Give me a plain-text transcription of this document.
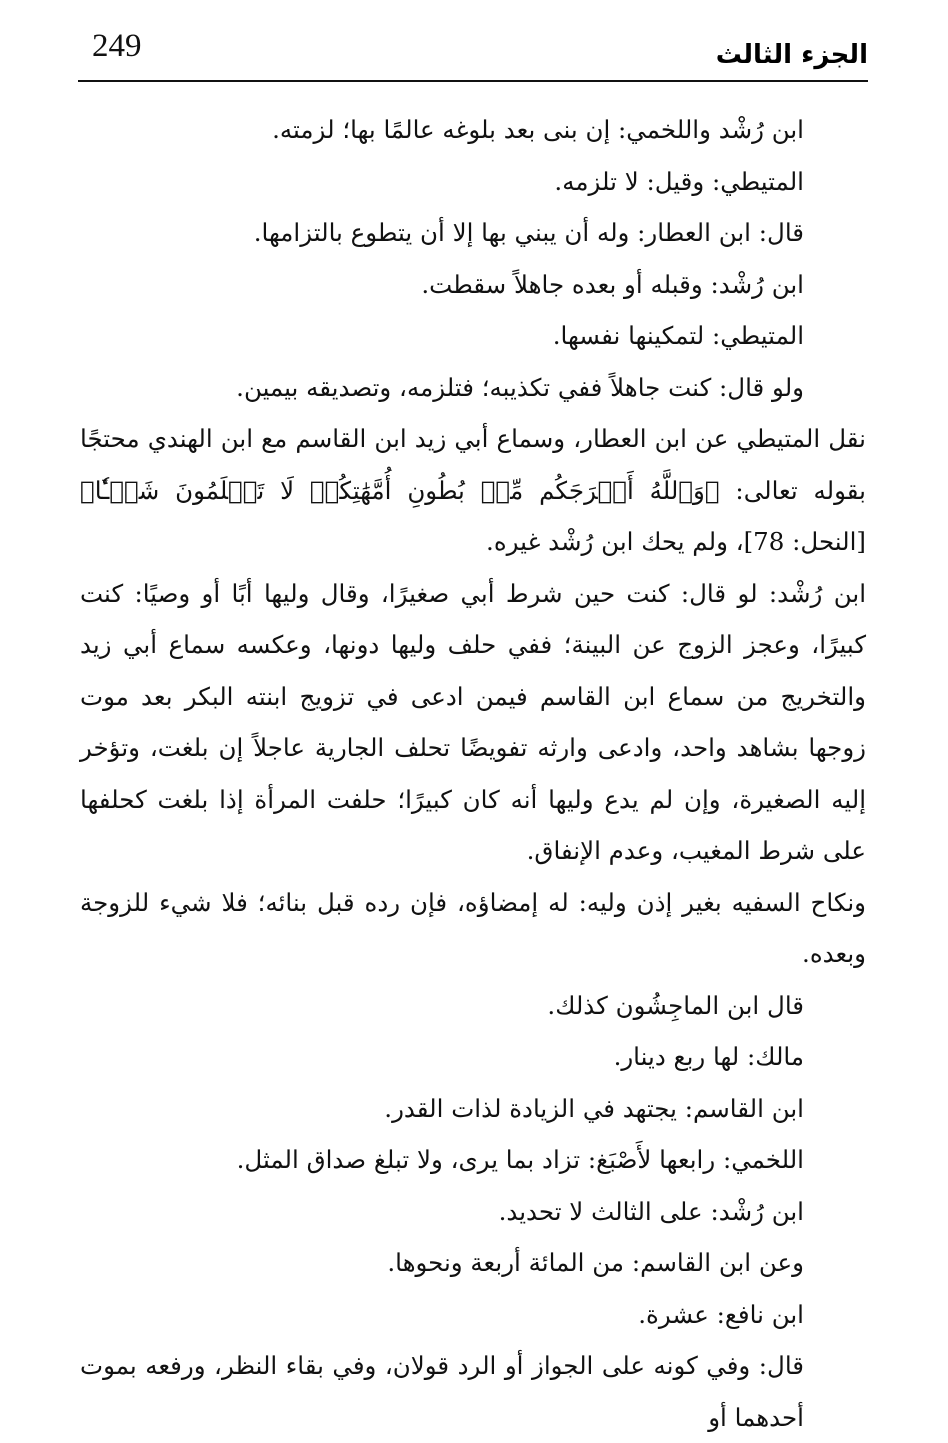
249	الجزء الثالث

ابن رُشْد واللخمي: إن بنى بعد بلوغه عالمًا بها؛ لزمته.

المتيطي: وقيل: لا تلزمه.

قال: ابن العطار: وله أن يبني بها إلا أن يتطوع بالتزامها.

ابن رُشْد: وقبله أو بعده جاهلاً سقطت.

المتيطي: لتمكينها نفسها.

ولو قال: كنت جاهلاً ففي تكذيبه؛ فتلزمه، وتصديقه بيمين.

نقل المتيطي عن ابن العطار، وسماع أبي زيد ابن القاسم مع ابن الهندي محتجًا بقوله تعالى: ﴿وَٱللَّهُ أَخۡرَجَكُم مِّنۢ بُطُونِ أُمَّهَٰتِكُمۡ لَا تَعۡلَمُونَ شَيۡـٔٗا﴾ [النحل: 78]، ولم يحك ابن رُشْد غيره.

ابن رُشْد: لو قال: كنت حين شرط أبي صغيرًا، وقال وليها أبًا أو وصيًا: كنت كبيرًا، وعجز الزوج عن البينة؛ ففي حلف وليها دونها، وعكسه سماع أبي زيد والتخريج من سماع ابن القاسم فيمن ادعى في تزويج ابنته البكر بعد موت زوجها بشاهد واحد، وادعى وارثه تفويضًا تحلف الجارية عاجلاً إن بلغت، وتؤخر إليه الصغيرة، وإن لم يدع وليها أنه كان كبيرًا؛ حلفت المرأة إذا بلغت كحلفها على شرط المغيب، وعدم الإنفاق.

ونكاح السفيه بغير إذن وليه: له إمضاؤه، فإن رده قبل بنائه؛ فلا شيء للزوجة وبعده.

قال ابن الماجِشُون كذلك.

مالك: لها ربع دينار.

ابن القاسم: يجتهد في الزيادة لذات القدر.

اللخمي: رابعها لأَصْبَغ: تزاد بما يرى، ولا تبلغ صداق المثل.

ابن رُشْد: على الثالث لا تحديد.

وعن ابن القاسم: من المائة أربعة ونحوها.

ابن نافع: عشرة.

قال: وفي كونه على الجواز أو الرد قولان، وفي بقاء النظر، ورفعه بموت أحدهما أو
